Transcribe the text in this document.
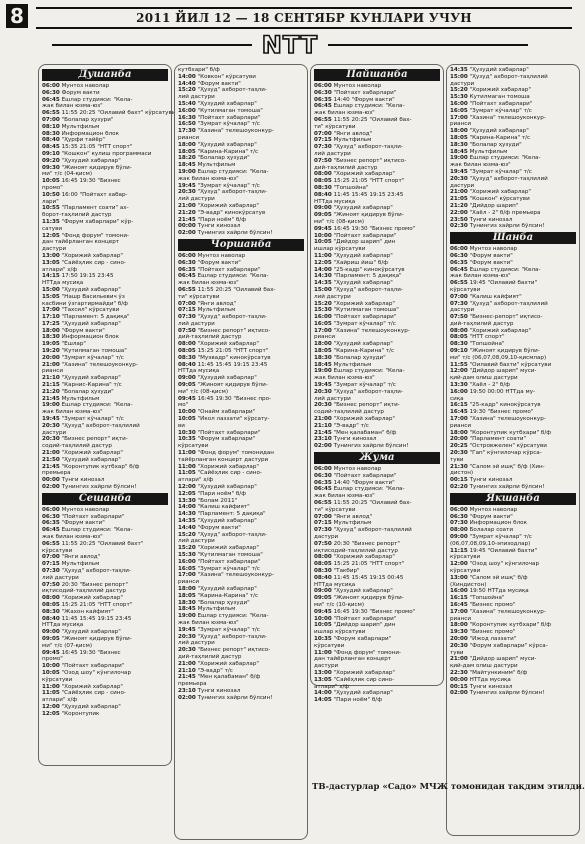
8	2011 ЙИЛ 12 — 18 СЕНТЯБР КУНЛАРИ УЧУН
NTT
Душанба
06:00 Мунтоз наволар
06:30 Форум вакти
06:45 Ешлар студияси: "Кела-
жак билан юзма-юз"
06:55 11:55 20:25 "Оилавий бахт" кўрсатуви
07:00 "Болалар ҳузури"
08:10 Мультфильм
08:30 Информацион блок
08:40 "Ҳурфи тайёр"
08:45 15:35 21:05 "НТТ спорт"
09:10 "Кошкон" кулиш программаси
09:20 "Ҳузудий хабарлар"
09:30 "Жиноят қидирув бўли-
ми" т/с (04-қисм)
10:05 16:45 19:30 "Бизнес
промо"
10:50 16:00 "Пойтахт хабар-
лари"
10:55 "Парламент соати" ах-
борот-таҳлилий дастур
11:35 "Форум хабарлари" кўр-
сатуви
12:05 "Фонд форум" томони-
дан тайёрланган концерт
дастури
13:00 "Хорижий хабарлар"
13:05 "Сайёҳлик сир - сино-
атлари" х/ф
14:15 17:50 19:15 23:45
НТТда мусиқа
15:00 "Ҳузудий хабарлар"
15:05 "Нашр Васильевич ўз
касбини ўзгартирмайди" б/ф
17:00 "Тахсил" кўрсатуви
17:10 "Парламент: 5 дақиқа"
17:25 "Ҳузудий хабарлар"
18:00 "Форум вакти"
18:30 Информацион блок
19:05 "Ешлар"
19:20 "Кутилмаган томоша"
20:00 "Зумрат кўчалар" т/с
21:00 "Хазина" телешоуконкур-
рианси
21:10 "Ҳузудий хабарлар"
21:15 "Карнис-Карина" т/с
21:20 "Болалар ҳузуди"
21:45 Мультфильм
19:00 Ешлар студияси: "Кела-
жак билан юзма-юз"
19:45 "Зумрат кўчалар" т/с
20:30 "Ҳузуд" ахборот-таҳлилий
дастури
20:30 "Бизнес репорт" иқти-
содий-таҳлилий дастур
21:00 "Хорижий хабарлар"
21:50 "Ҳузудий хабарлар"
21:45 "Коронтупик кутбхар" б/ф
премьера
00:00 Тунги кинозал
02:00 Тунингиз хайрли бўлсин!
Сешанба
06:00 Мунтоз наволар
06:30 "Пойтахт хабарлари"
06:35 "Форум вакти"
06:45 Ешлар студияси: "Кела-
жак билан юзма-юз"
06:55 11:55 20:25 "Оилавий бахт"
кўрсатуви
07:00 "Янги авлод"
07:15 Мультфильм
07:30 "Ҳузуд" ахборот-таҳли-
лий дастури
07:50 20:30 "Бизнес репорт"
иқтисодий-таҳлилий дастур
08:00 "Хорижий хабарлар"
08:05 15:25 21:05 "НТТ спорт"
08:30 "Жахон кайфият"
08:40 11:45 15:45 19:15 23:45
НТТда мусиқа
09:00 "Ҳузудий хабарлар"
09:05 "Жиноят қидирув бўли-
ми" т/с (07-қисм)
09:45 16:45 19:30 "Бизнес
промо"
10:00 "Пойтахт хабарлари"
10:05 "Озод шоу" кўнгилочар
кўрсатуви
11:00 "Хорижий хабарлар"
11:05 "Сайёҳлик сир - сино-
атлари" х/ф
12:00 "Ҳузудий хабарлар"
12:05 "Коронтупик
кутбхари" б/ф
14:00 "Ковкон" кўрсатуви
14:40 "Форум вакти"
15:20 "Ҳузуд" ахборот-таҳли-
лий дастури
15:40 "Ҳузудий хабарлар"
16:00 "Кутилмаган томоша"
16:30 "Пойтахт хабарлари"
16:50 "Зумрат кўчалар" т/с
17:30 "Хазина" телешоуконкур-
рианси
18:00 "Ҳузудий хабарлар"
18:05 "Карина-Карина" т/с
18:20 "Болалар ҳузуди"
18:45 Мультфильм
19:00 Ешлар студияси: "Кела-
жак билан юзма-юз"
19:45 "Зумрат кўчалар" т/с
20:30 "Ҳузуд" ахборот-таҳли-
лий дастури
21:00 "Хорижий хабарлар"
21:20 "Э-вадр" кинокўрсатув
21:45 "Пари ноём" б/ф
00:00 Тунги кинозал
02:00 Тунингиз хайрли бўлсин!
Чоршанба
06:00 Мунтоз наволар
06:30 "Форум вакти"
06:35 "Пойтахт хабарлари"
06:45 Ешлар студияси: "Кела-
жак билан юзма-юз"
06:55 11:55 20:25 "Оилавий бах-
ти" кўрсатуви
07:00 "Янги авлод"
07:15 Мультфильм
07:30 "Ҳузуд" ахборот-таҳли-
лий дастури
07:50 "Бизнес репорт" иқтисо-
дий-таҳлилий дастур
08:00 "Хорижий хабарлар"
08:05 15:25 21:05 "НТТ спорт"
08:30 "Муэвадр" кинокўрсатув
08:40 11:45 15:45 19:15 23:45
НТТда мусиқа
09:00 "Ҳузудий хабарлар"
09:05 "Жиноят қидирув бўли-
ми" т/с (08-қисм)
09:45 16:45 19:30 "Бизнес про-
мо"
10:00 "Онайм хабарлари"
10:05 "Икол лаззати" кўрсату-
ви
10:30 "Пойтахт хабарлари"
10:35 "Форум хабарлари"
кўрсатуви
11:00 "Фонд форум" томонидан
тайёрланган концерт дастури
11:00 "Хорижий хабарлар"
11:05 "Сайёҳлик сир - сино-
атлари" х/ф
12:00 "Ҳузудий хабарлар"
12:05 "Пари ноём" б/ф
13:30 "Болам 2011"
14:00 "Калиш кайфият"
14:30 "Парламент: 5 дақиқа"
14:35 "Ҳузудий хабарлар"
14:40 "Форум вакти"
15:20 "Ҳузуд" ахборот-таҳли-
лий дастури
15:20 "Хорижий хабарлар"
15:30 "Кутилмаган томоша"
16:00 "Пойтахт хабарлари"
16:05 "Зумрат кўчалар" т/с
17:00 "Хазина" телешоуконкур-
рианси
18:00 "Ҳузудий хабарлар"
18:05 "Карина-Карина" т/с
18:30 "Болалар ҳузуди"
18:45 Мультфильм
19:00 Ешлар студияси: "Кела-
жак билан юзма-юз"
19:45 "Зумрат кўчалар" т/с
20:30 "Ҳузуд" ахборот-таҳли-
лий дастури
20:30 "Бизнес репорт" иқтисо-
дий-таҳлилий дастур
21:00 "Хорижий хабарлар"
21:10 "Э-вадр" т/с
21:45 "Мен қалабаман" б/ф
премьера
23:10 Тунги кинозал
02:00 Тунингиз хайрли бўлсин!
Пайшанба
06:00 Мунтоз наволар
06:30 "Пойтахт хабарлари"
06:35 14:40 "Форум вакти"
06:45 Ешлар студияси: "Кела-
жак билан юзма-юз"
06:55 11:55 20:25 "Оилавий бах-
ти" кўрсатуви
07:00 "Янги авлод"
07:15 Мультфильм
07:30 "Ҳузуд" ахборот-таҳли-
лий дастури
07:50 "Бизнес репорт" иқтисо-
дий-таҳлилий дастур
08:00 "Хорижий хабарлар"
08:05 15:25 21:05 "НТТ спорт"
08:30 "Топшойна"
08:40 11:45 15:45 19:15 23:45
НТТда мусиқа
09:00 "Ҳузудий хабарлар"
09:05 "Жиноят қидирув бўли-
ми" т/с (08-қисм)
09:45 16:45 19:30 "Бизнес промо"
10:00 "Пойтахт хабарлари"
10:05 "Дийдор шарип" дин
ишлар кўрсатуви
11:00 "Ҳузудий хабарлар"
12:05 "Хайриш йиш" б/ф
14:00 "25-кадр" кинокўрсатув
14:30 "Парламент: 5 дақиқа"
14:35 "Ҳузудий хабарлар"
15:00 "Ҳузуд" ахборот-таҳли-
лий дастури
15:20 "Хорижий хабарлар"
15:30 "Кутилмаган томоша"
16:00 "Пойтахт хабарлари"
16:05 "Зумрат кўчалар" т/с
17:00 "Хазина" телешоуконкур-
рианси
18:00 "Ҳузудий хабарлар"
18:05 "Карина-Карина" т/с
18:30 "Болалар ҳузуди"
18:45 Мультфильм
19:00 Ешлар студияси: "Кела-
жак билан юзма-юз"
19:45 "Зумрат кўчалар" т/с
20:30 "Ҳузуд" ахборот-таҳли-
лий дастури
20:30 "Бизнес репорт" иқти-
содий-таҳлилий дастур
21:00 "Хорижий хабарлар"
21:10 "Э-вадр" т/с
21:45 "Мен қалабаман" б/ф
23:10 Тунги кинозал
02:00 Тунингиз хайрли бўлсин!
Жума
06:00 Мунтоз наволар
06:30 "Пойтахт хабарлари"
06:35 14:40 "Форум вакти"
06:45 Ешлар студияси: "Кела-
жак билан юзма-юз"
06:55 11:55 20:25 "Оилавий бах-
ти" кўрсатуви
07:00 "Янги авлод"
07:15 Мультфильм
07:30 "Ҳузуд" ахборот-таҳлилий
дастури
07:50 20:30 "Бизнес репорт"
иқтисодий-таҳлилий дастур
08:00 "Хорижий хабарлар"
08:05 15:25 21:05 "НТТ спорт"
08:30 "Такбир"
08:40 11:45 15:45 19:15 00:45
НТТда мусиқа
09:00 "Ҳузудий хабарлар"
09:05 "Жиноят қидирув бўли-
ми" т/с (10-қисм)
09:45 16:45 19:30 "Бизнес промо"
10:00 "Пойтахт хабарлари"
10:05 "Дийдор шарип" дин
ишлар кўрсатуви
10:35 "Форум хабарлари"
кўрсатуви
11:00 "Фонд форум" томони-
дан тайёрланган концерт
дастури
13:00 "Хорижий хабарлар"
13:05 "Сайёҳлик сир сино-
атлари" х/ф
14:00 "Ҳузудий хабарлар"
14:05 "Пари ноём" б/ф
14:35 "Ҳузудий хабарлар"
15:00 "Ҳузуд" ахборот-таҳлилий
дастури
15:20 "Хорижий хабарлар"
15:30 Кутилмаган томоша
16:00 "Пойтахт хабарлари"
16:05 "Зумрат кўчалар" т/с
17:00 "Хазина" телешоуконкур-
рианси
18:00 "Ҳузудий хабарлар"
18:05 "Карина-Карина" т/с
18:30 "Болалар ҳузуди"
18:45 Мультфильм
19:00 Ешлар студияси: "Кела-
жак билан юзма-юз"
19:45 "Зумрат кўчалар" т/с
20:30 "Ҳузуд" ахборот-таҳлилий
дастури
21:00 "Хорижий хабарлар"
21:05 "Кошкон" кўрсатуви
21:20 "Дийдор шарип"
22:00 "Хаёл - 2" б/ф премьера
23:50 Тунги кинозал
02:30 Тунингиз хайрли бўлсин!
Шанба
06:00 Мунтоз наволар
06:30 "Форум вакти"
06:35 "Форум вакти"
06:45 Ешлар студияси: "Кела-
жак билан юзма-юз"
06:55 19:45 "Оилавий бахти"
кўрсатуви
07:00 "Калиш кайфият"
07:30 "Ҳузуд" ахборот-таҳлилий
дастури
07:50 "Бизнес-репорт" иқтисо-
дий-таҳлилий дастур
08:00 "Хорижий хабарлар"
08:05 "НТТ спорт"
08:30 "Топшойна"
09:10 "Жиноят қидирув бўли-
ми" т/с (06,07,08,09,10-қисмлар)
11:55 "Оилавий бахти" кўрсатуви
12:00 "Дийдор шарип" муси-
қий-дам олиш дастури
13:30 "Хаёл - 2" б/ф
16:00 19:50 00:00 НТТда му-
сиқа
16:15 "25-кадр" кинокўрсатув
16:45 19:30 "Бизнес промо"
17:00 "Хазина" телешоуконкур-
рианси
18:00 "Коронтупик кутбхари" б/ф
20:00 "Парламент соати"
20:25 "Островжелен" кўрсатуви
20:30 "Гап" кўнгилочар кўрса-
туви
21:30 "Салом эй ишқ" б/ф (Хин-
дистон)
00:15 Тунги кинозал
02:20 Тунингиз хайрли бўлсин!
Якшанба
06:00 Мунтоз наволар
06:30 "Форум вакти"
07:30 Информацион блок
08:00 Болалар соати
09:00 "Зумрат кўчалар" т/с
(06,07,08,09,10-эпизодлар)
11:15 19:45 "Оилавий бахти"
кўрсатуви
12:00 "Озод шоу" кўнгилочар
кўрсатуви
13:00 "Салом эй ишқ" б/ф
(Хиндистон)
16:00 19:50 НТТда мусиқа
16:15 "Топшойна"
16:45 "Бизнес промо"
17:00 "Хазина" телешоуконкур-
рианси
18:00 "Коронтупик кутбхари" б/ф
19:30 "Бизнес промо"
20:00 "Ижод лаззати"
20:30 "Форум хабарлари" кўрса-
туви
21:00 "Дийдор шарип" муси-
қий-дам олиш дастури
22:30 "Майтункиним" б/ф
00:00 НТТда мусиқа
00:15 Тунги кинозал
02:00 Тунингиз хайрли бўлсин!
ТВ-дастурлар «Садо» МЧЖ томонидан тақдим этилди.
